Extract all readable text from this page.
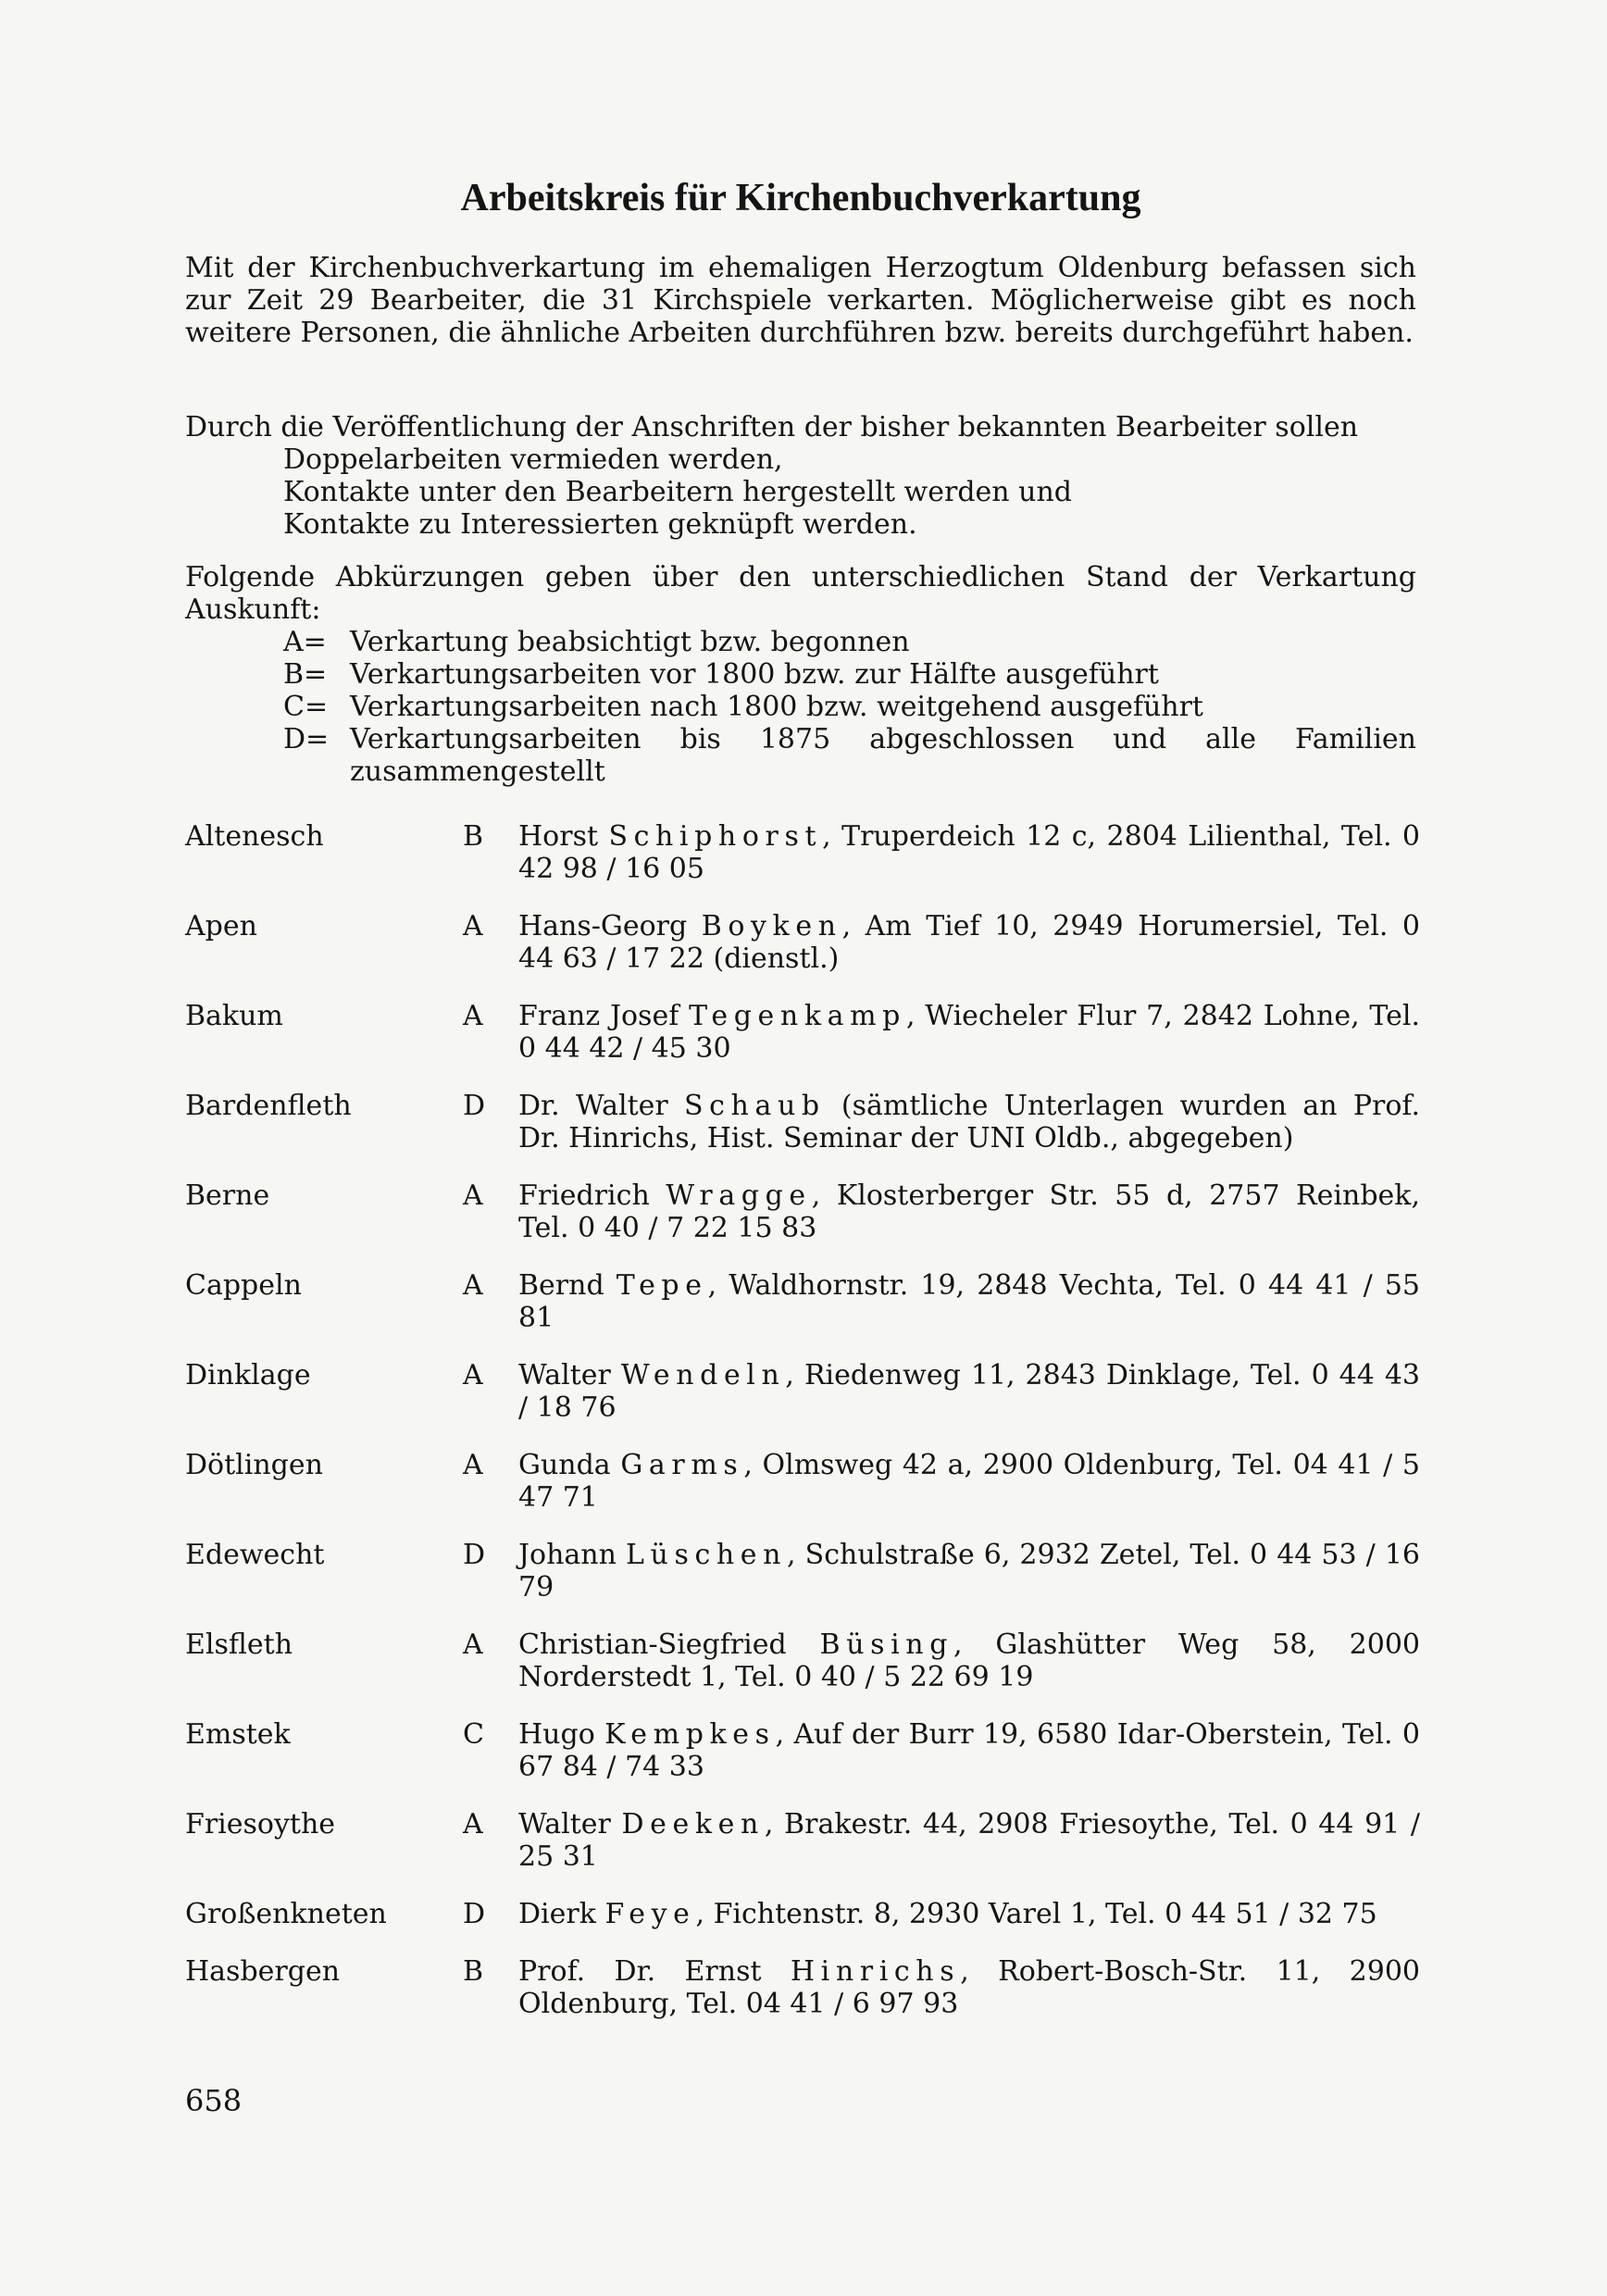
Arbeitskreis für Kirchenbuchverkartung
Mit der Kirchenbuchverkartung im ehemaligen Herzogtum Oldenburg befassen sich zur Zeit 29 Bearbeiter, die 31 Kirchspiele verkarten. Möglicherweise gibt es noch weitere Personen, die ähnliche Arbeiten durchführen bzw. bereits durchgeführt haben.
Durch die Veröffentlichung der Anschriften der bisher bekannten Bearbeiter sollen
Doppelarbeiten vermieden werden,
Kontakte unter den Bearbeitern hergestellt werden und
Kontakte zu Interessierten geknüpft werden.
Folgende Abkürzungen geben über den unterschiedlichen Stand der Verkartung Auskunft:
A= Verkartung beabsichtigt bzw. begonnen
B= Verkartungsarbeiten vor 1800 bzw. zur Hälfte ausgeführt
C= Verkartungsarbeiten nach 1800 bzw. weitgehend ausgeführt
D= Verkartungsarbeiten bis 1875 abgeschlossen und alle Familien zusammengestellt
Altenesch	B	Horst Schiphorst, Truperdeich 12 c, 2804 Lilienthal, Tel. 0 42 98 / 16 05
Apen	A	Hans-Georg Boyken, Am Tief 10, 2949 Horumersiel, Tel. 0 44 63 / 17 22 (dienstl.)
Bakum	A	Franz Josef Tegenkamp, Wiecheler Flur 7, 2842 Lohne, Tel. 0 44 42 / 45 30
Bardenfleth	D	Dr. Walter Schaub (sämtliche Unterlagen wurden an Prof. Dr. Hinrichs, Hist. Seminar der UNI Oldb., abgegeben)
Berne	A	Friedrich Wragge, Klosterberger Str. 55 d, 2757 Reinbek, Tel. 0 40 / 7 22 15 83
Cappeln	A	Bernd Tepe, Waldhornstr. 19, 2848 Vechta, Tel. 0 44 41 / 55 81
Dinklage	A	Walter Wendeln, Riedenweg 11, 2843 Dinklage, Tel. 0 44 43 / 18 76
Dötlingen	A	Gunda Garms, Olmsweg 42 a, 2900 Oldenburg, Tel. 04 41 / 5 47 71
Edewecht	D	Johann Lüschen, Schulstraße 6, 2932 Zetel, Tel. 0 44 53 / 16 79
Elsfleth	A	Christian-Siegfried Büsing, Glashütter Weg 58, 2000 Norderstedt 1, Tel. 0 40 / 5 22 69 19
Emstek	C	Hugo Kempkes, Auf der Burr 19, 6580 Idar-Oberstein, Tel. 0 67 84 / 74 33
Friesoythe	A	Walter Deeken, Brakestr. 44, 2908 Friesoythe, Tel. 0 44 91 / 25 31
Großenkneten	D	Dierk Feye, Fichtenstr. 8, 2930 Varel 1, Tel. 0 44 51 / 32 75
Hasbergen	B	Prof. Dr. Ernst Hinrichs, Robert-Bosch-Str. 11, 2900 Oldenburg, Tel. 04 41 / 6 97 93
658
